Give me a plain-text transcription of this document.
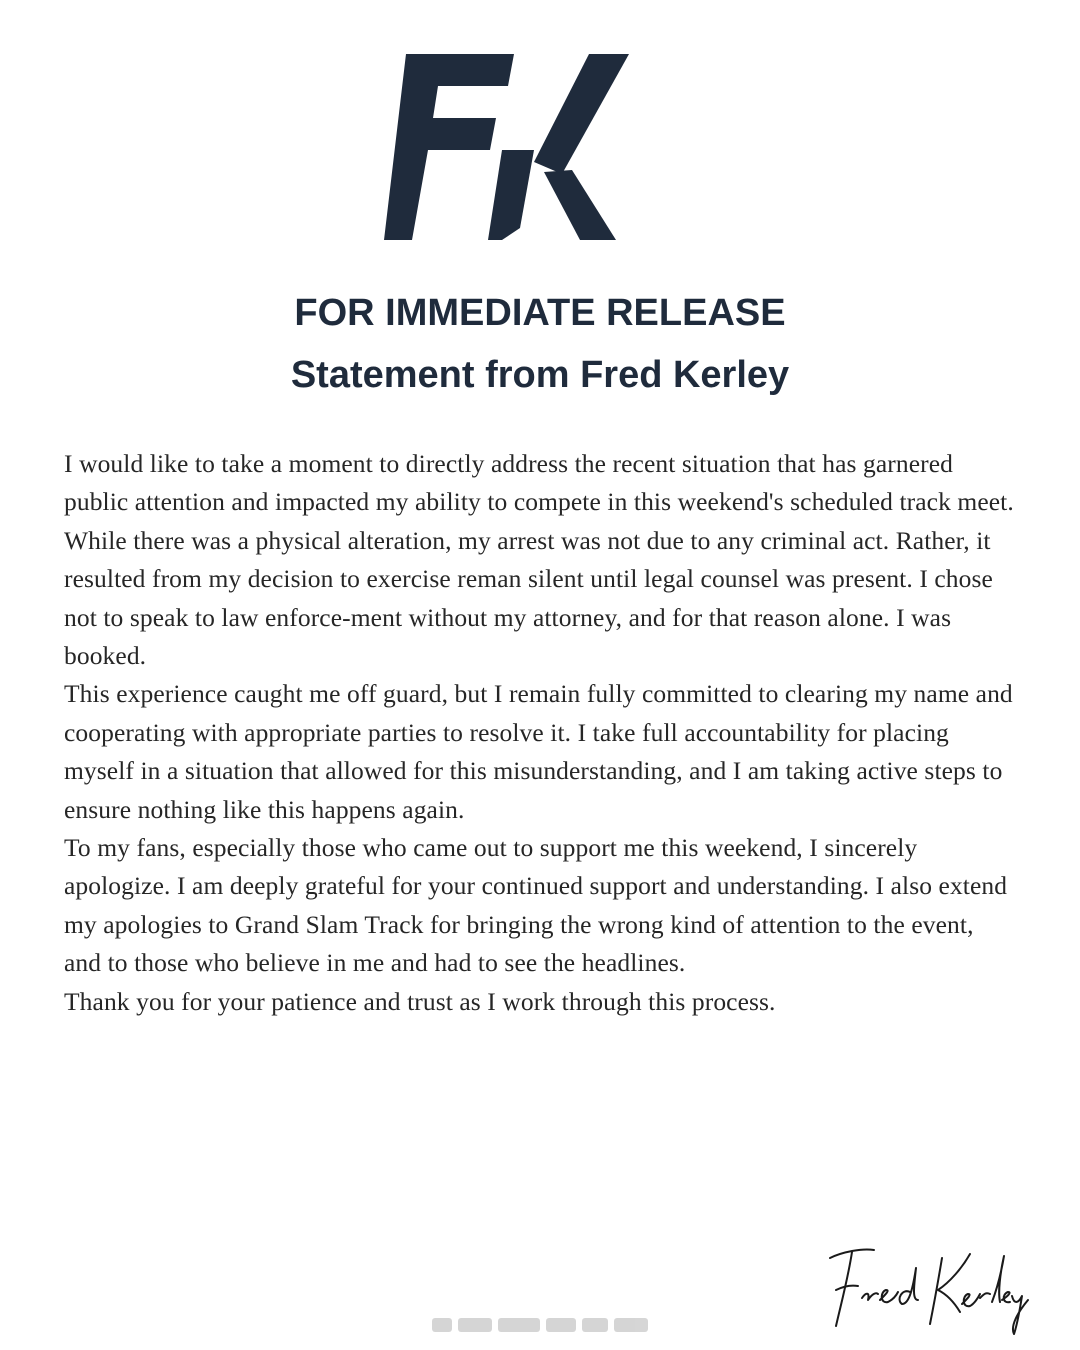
FOR IMMEDIATE RELEASE
Statement from Fred Kerley

I would like to take a moment to directly address the recent situation that has garnered public attention and impacted my ability to compete in this weekend's scheduled track meet.

While there was a physical alteration, my arrest was not due to any criminal act. Rather, it resulted from my decision to exercise reman silent until legal counsel was present. I chose not to speak to law enforce-ment without my attorney, and for that reason alone. I was booked.

This experience caught me off guard, but I remain fully committed to clearing my name and cooperating with appropriate parties to resolve it. I take full accountability for placing myself in a situation that allowed for this misunderstanding, and I am taking active steps to ensure nothing like this happens again.

To my fans, especially those who came out to support me this weekend, I sincerely apologize. I am deeply grateful for your continued support and understanding. I also extend my apologies to Grand Slam Track for bringing the wrong kind of attention to the event, and to those who believe in me and had to see the headlines.

Thank you for your patience and trust as I work through this process.
